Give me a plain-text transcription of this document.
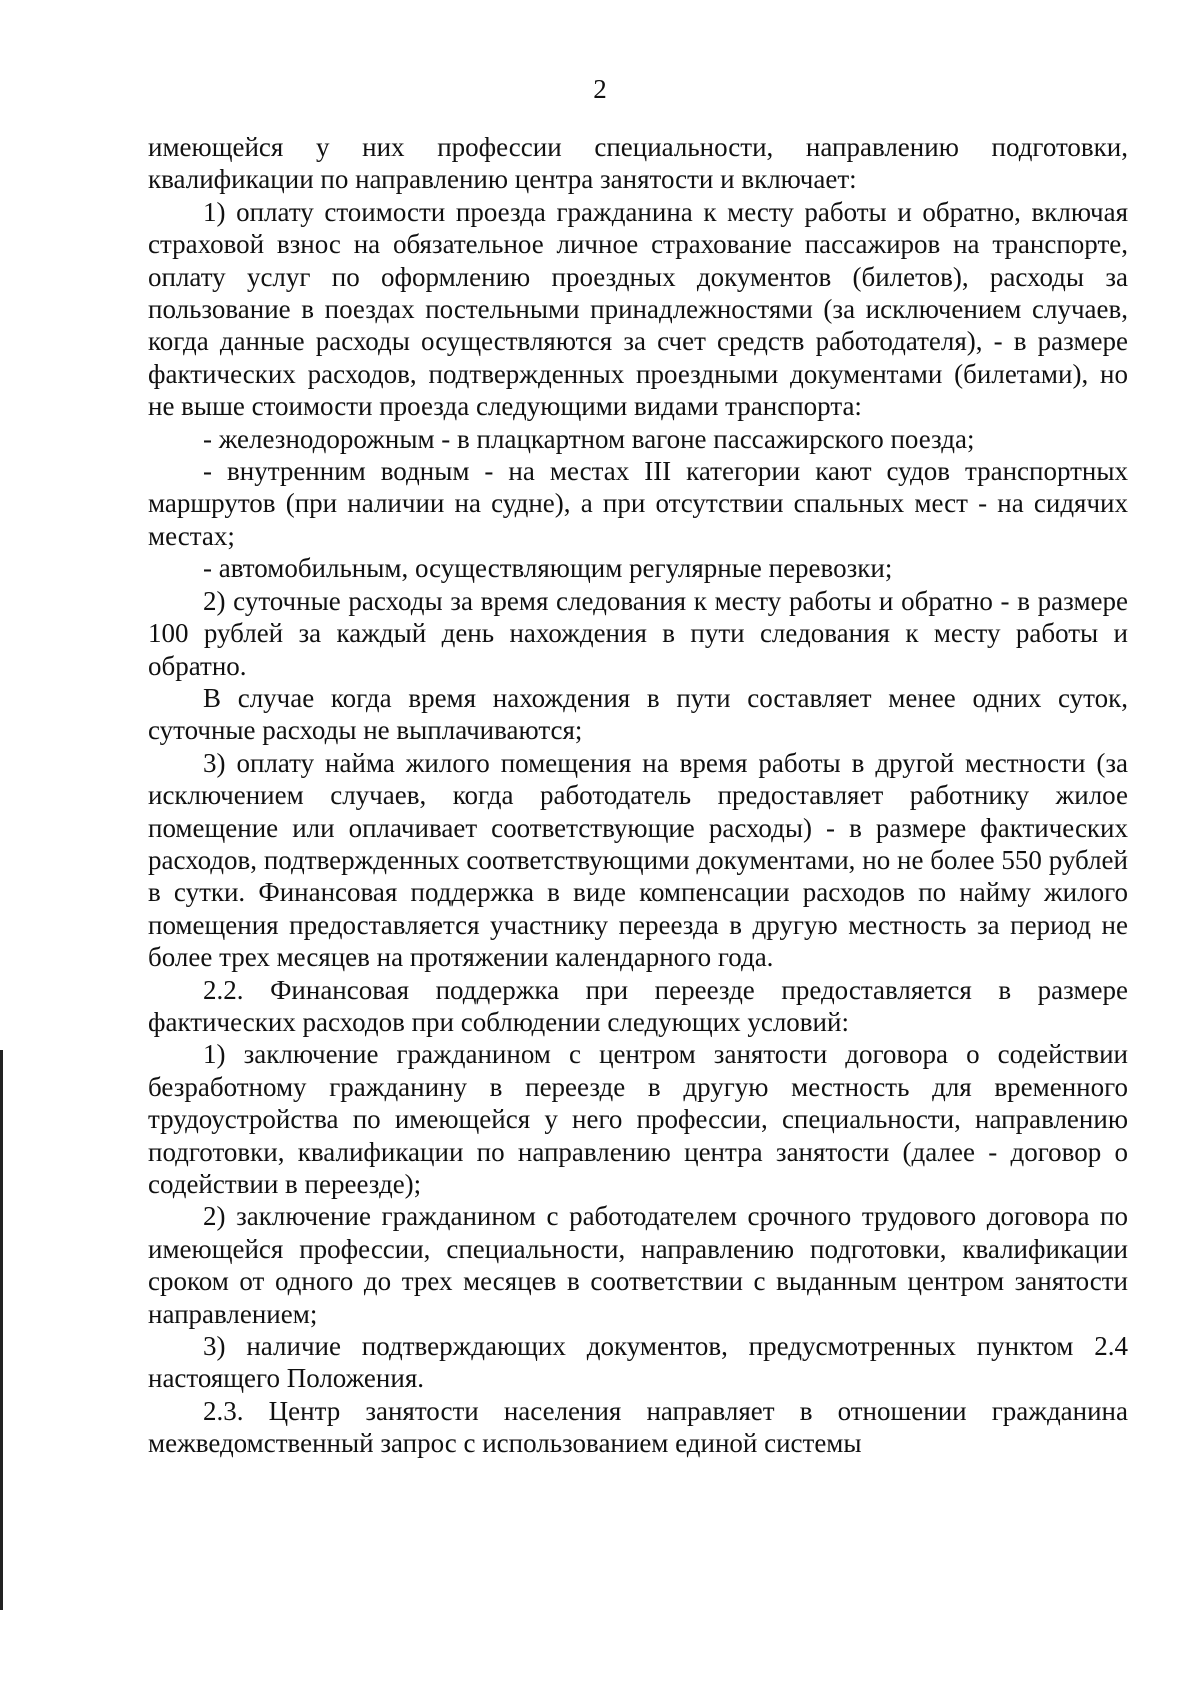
2

имеющейся у них профессии специальности, направлению подготовки, квалификации по направлению центра занятости и включает:

1) оплату стоимости проезда гражданина к месту работы и обратно, включая страховой взнос на обязательное личное страхование пассажиров на транспорте, оплату услуг по оформлению проездных документов (билетов), расходы за пользование в поездах постельными принадлежностями (за исключением случаев, когда данные расходы осуществляются за счет средств работодателя), - в размере фактических расходов, подтвержденных проездными документами (билетами), но не выше стоимости проезда следующими видами транспорта:

- железнодорожным - в плацкартном вагоне пассажирского поезда;

- внутренним водным - на местах III категории кают судов транспортных маршрутов (при наличии на судне), а при отсутствии спальных мест - на сидячих местах;

- автомобильным, осуществляющим регулярные перевозки;

2) суточные расходы за время следования к месту работы и обратно - в размере 100 рублей за каждый день нахождения в пути следования к месту работы и обратно.

В случае когда время нахождения в пути составляет менее одних суток, суточные расходы не выплачиваются;

3) оплату найма жилого помещения на время работы в другой местности (за исключением случаев, когда работодатель предоставляет работнику жилое помещение или оплачивает соответствующие расходы) - в размере фактических расходов, подтвержденных соответствующими документами, но не более 550 рублей в сутки. Финансовая поддержка в виде компенсации расходов по найму жилого помещения предоставляется участнику переезда в другую местность за период не более трех месяцев на протяжении календарного года.

2.2. Финансовая поддержка при переезде предоставляется в размере фактических расходов при соблюдении следующих условий:

1) заключение гражданином с центром занятости договора о содействии безработному гражданину в переезде в другую местность для временного трудоустройства по имеющейся у него профессии, специальности, направлению подготовки, квалификации по направлению центра занятости (далее - договор о содействии в переезде);

2) заключение гражданином с работодателем срочного трудового договора по имеющейся профессии, специальности, направлению подготовки, квалификации сроком от одного до трех месяцев в соответствии с выданным центром занятости направлением;

3) наличие подтверждающих документов, предусмотренных пунктом 2.4 настоящего Положения.

2.3. Центр занятости населения направляет в отношении гражданина межведомственный запрос с использованием единой системы
